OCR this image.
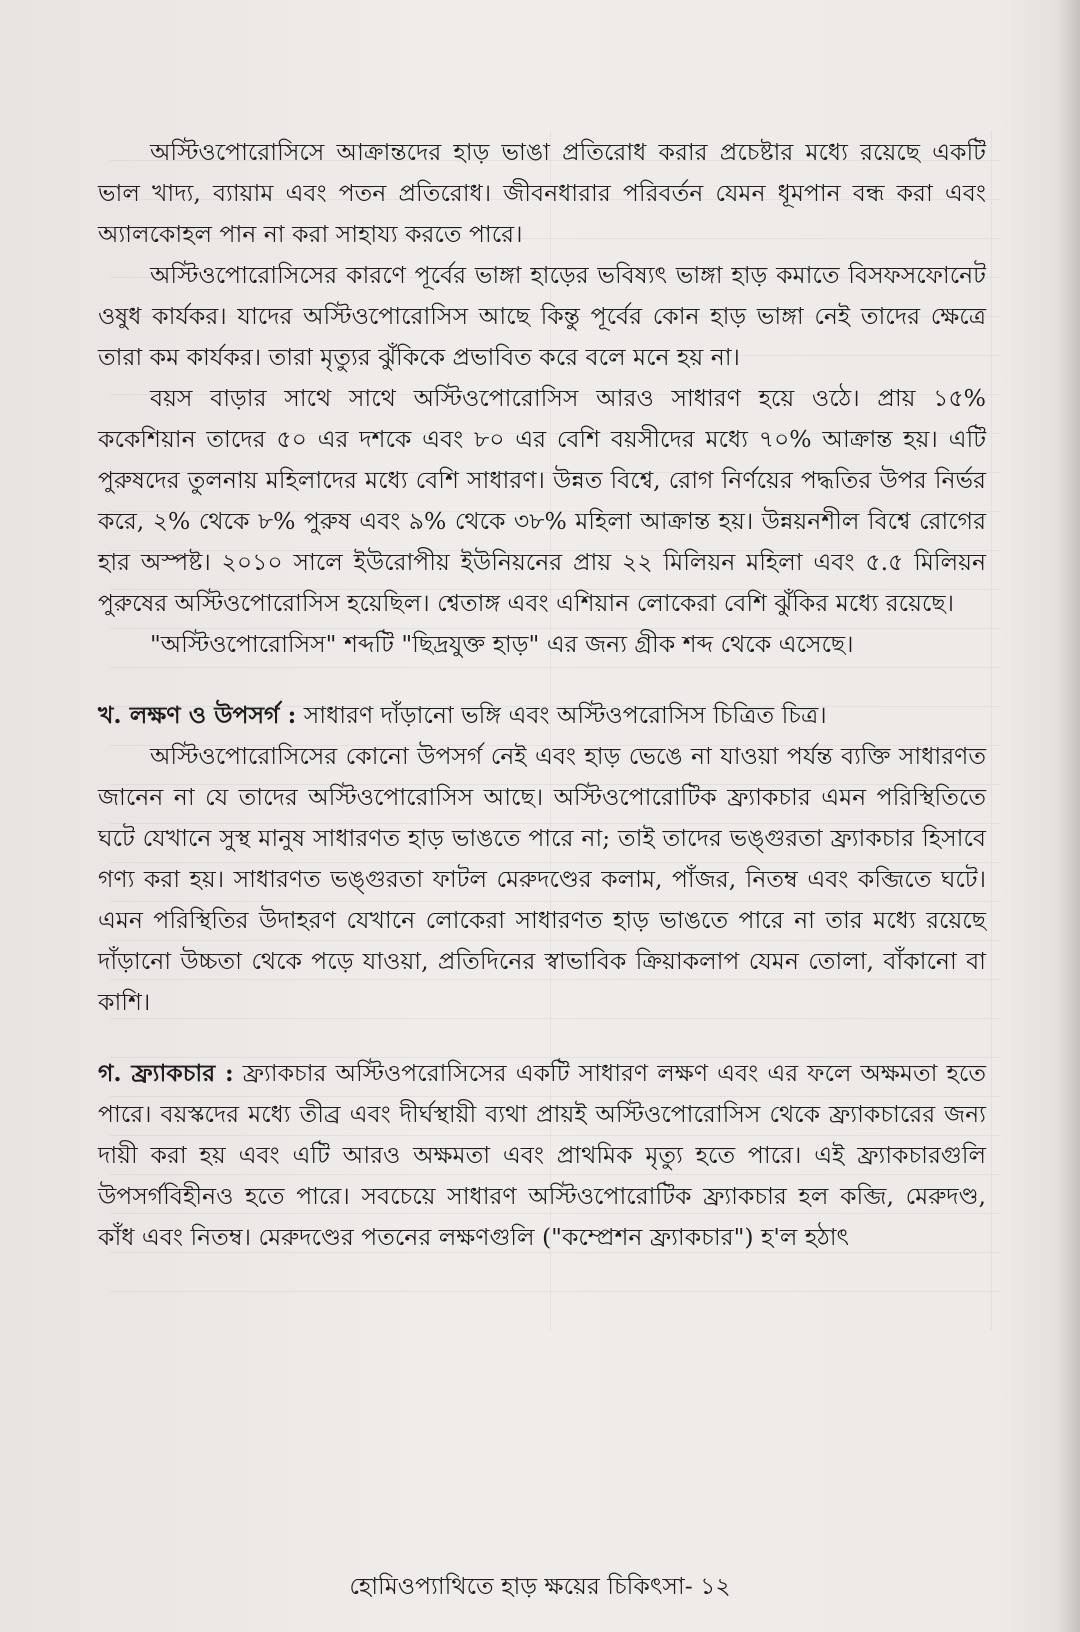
অস্টিওপোরোসিসে আক্রান্তদের হাড় ভাঙা প্রতিরোধ করার প্রচেষ্টার মধ্যে রয়েছে একটি ভাল খাদ্য, ব্যায়াম এবং পতন প্রতিরোধ। জীবনধারার পরিবর্তন যেমন ধূমপান বন্ধ করা এবং অ্যালকোহল পান না করা সাহায্য করতে পারে।

অস্টিওপোরোসিসের কারণে পূর্বের ভাঙ্গা হাড়ের ভবিষ্যৎ ভাঙ্গা হাড় কমাতে বিসফসফোনেট ওষুধ কার্যকর। যাদের অস্টিওপোরোসিস আছে কিন্তু পূর্বের কোন হাড় ভাঙ্গা নেই তাদের ক্ষেত্রে তারা কম কার্যকর। তারা মৃত্যুর ঝুঁকিকে প্রভাবিত করে বলে মনে হয় না।

বয়স বাড়ার সাথে সাথে অস্টিওপোরোসিস আরও সাধারণ হয়ে ওঠে। প্রায় ১৫% ককেশিয়ান তাদের ৫০ এর দশকে এবং ৮০ এর বেশি বয়সীদের মধ্যে ৭০% আক্রান্ত হয়। এটি পুরুষদের তুলনায় মহিলাদের মধ্যে বেশি সাধারণ। উন্নত বিশ্বে, রোগ নির্ণয়ের পদ্ধতির উপর নির্ভর করে, ২% থেকে ৮% পুরুষ এবং ৯% থেকে ৩৮% মহিলা আক্রান্ত হয়। উন্নয়নশীল বিশ্বে রোগের হার অস্পষ্ট। ২০১০ সালে ইউরোপীয় ইউনিয়নের প্রায় ২২ মিলিয়ন মহিলা এবং ৫.৫ মিলিয়ন পুরুষের অস্টিওপোরোসিস হয়েছিল। শ্বেতাঙ্গ এবং এশিয়ান লোকেরা বেশি ঝুঁকির মধ্যে রয়েছে।

"অস্টিওপোরোসিস" শব্দটি "ছিদ্রযুক্ত হাড়" এর জন্য গ্রীক শব্দ থেকে এসেছে।

খ. লক্ষণ ও উপসর্গ : সাধারণ দাঁড়ানো ভঙ্গি এবং অস্টিওপরোসিস চিত্রিত চিত্র।

অস্টিওপোরোসিসের কোনো উপসর্গ নেই এবং হাড় ভেঙে না যাওয়া পর্যন্ত ব্যক্তি সাধারণত জানেন না যে তাদের অস্টিওপোরোসিস আছে। অস্টিওপোরোটিক ফ্র্যাকচার এমন পরিস্থিতিতে ঘটে যেখানে সুস্থ মানুষ সাধারণত হাড় ভাঙতে পারে না; তাই তাদের ভঙ্গুরতা ফ্র্যাকচার হিসাবে গণ্য করা হয়। সাধারণত ভঙ্গুরতা ফাটল মেরুদণ্ডের কলাম, পাঁজর, নিতম্ব এবং কব্জিতে ঘটে। এমন পরিস্থিতির উদাহরণ যেখানে লোকেরা সাধারণত হাড় ভাঙতে পারে না তার মধ্যে রয়েছে দাঁড়ানো উচ্চতা থেকে পড়ে যাওয়া, প্রতিদিনের স্বাভাবিক ক্রিয়াকলাপ যেমন তোলা, বাঁকানো বা কাশি।

গ. ফ্র্যাকচার : ফ্র্যাকচার অস্টিওপরোসিসের একটি সাধারণ লক্ষণ এবং এর ফলে অক্ষমতা হতে পারে। বয়স্কদের মধ্যে তীব্র এবং দীর্ঘস্থায়ী ব্যথা প্রায়ই অস্টিওপোরোসিস থেকে ফ্র্যাকচারের জন্য দায়ী করা হয় এবং এটি আরও অক্ষমতা এবং প্রাথমিক মৃত্যু হতে পারে। এই ফ্র্যাকচারগুলি উপসর্গবিহীনও হতে পারে। সবচেয়ে সাধারণ অস্টিওপোরোটিক ফ্র্যাকচার হল কব্জি, মেরুদণ্ড, কাঁধ এবং নিতম্ব। মেরুদণ্ডের পতনের লক্ষণগুলি ("কম্প্রেশন ফ্র্যাকচার") হ'ল হঠাৎ

হোমিওপ্যাথিতে হাড় ক্ষয়ের চিকিৎসা- ১২
